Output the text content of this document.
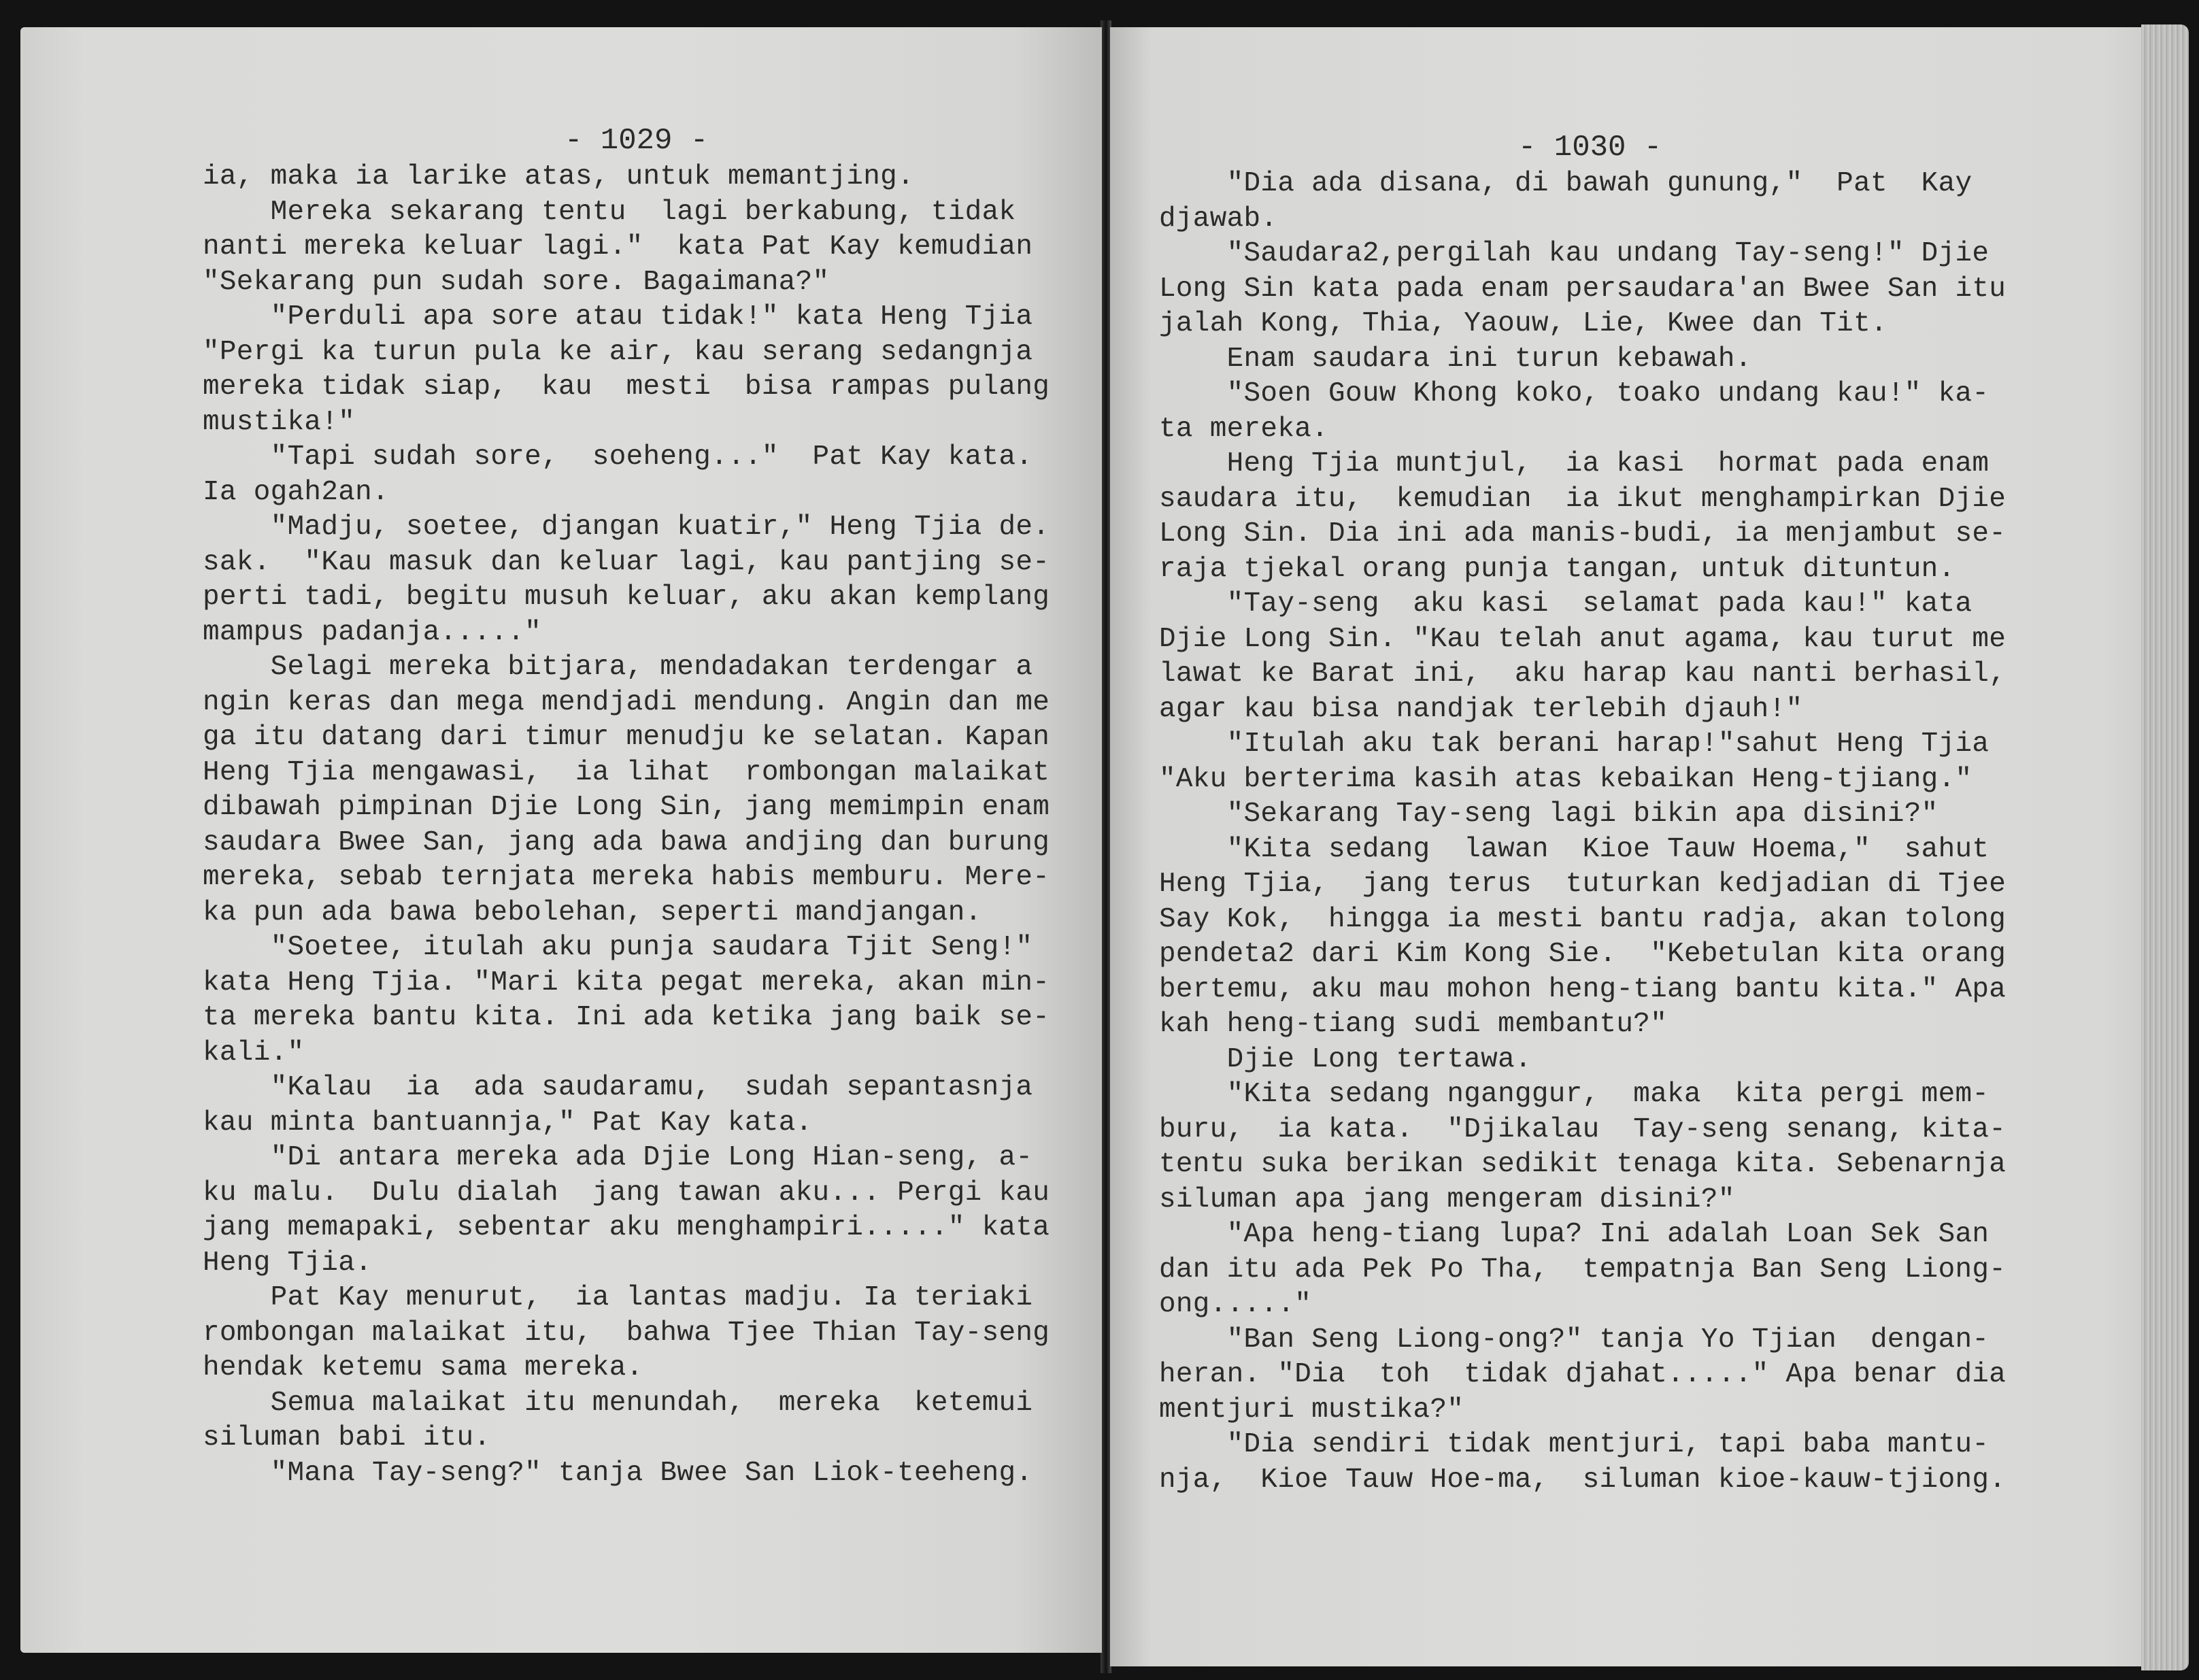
- 1029 -
ia, maka ia larike atas, untuk memantjing.
Mereka sekarang tentu  lagi berkabung, tidak
nanti mereka keluar lagi."  kata Pat Kay kemudian
"Sekarang pun sudah sore. Bagaimana?"
"Perduli apa sore atau tidak!" kata Heng Tjia
"Pergi ka turun pula ke air, kau serang sedangnja
mereka tidak siap,  kau  mesti  bisa rampas pulang
mustika!"
"Tapi sudah sore,  soeheng..."  Pat Kay kata.
Ia ogah2an.
"Madju, soetee, djangan kuatir," Heng Tjia de.
sak.  "Kau masuk dan keluar lagi, kau pantjing se-
perti tadi, begitu musuh keluar, aku akan kemplang
mampus padanja....."
Selagi mereka bitjara, mendadakan terdengar a
ngin keras dan mega mendjadi mendung. Angin dan me
ga itu datang dari timur menudju ke selatan. Kapan
Heng Tjia mengawasi,  ia lihat  rombongan malaikat
dibawah pimpinan Djie Long Sin, jang memimpin enam
saudara Bwee San, jang ada bawa andjing dan burung
mereka, sebab ternjata mereka habis memburu. Mere-
ka pun ada bawa bebolehan, seperti mandjangan.
"Soetee, itulah aku punja saudara Tjit Seng!"
kata Heng Tjia. "Mari kita pegat mereka, akan min-
ta mereka bantu kita. Ini ada ketika jang baik se-
kali."
"Kalau  ia  ada saudaramu,  sudah sepantasnja
kau minta bantuannja," Pat Kay kata.
"Di antara mereka ada Djie Long Hian-seng, a-
ku malu.  Dulu dialah  jang tawan aku... Pergi kau
jang memapaki, sebentar aku menghampiri....." kata
Heng Tjia.
Pat Kay menurut,  ia lantas madju. Ia teriaki
rombongan malaikat itu,  bahwa Tjee Thian Tay-seng
hendak ketemu sama mereka.
Semua malaikat itu menundah,  mereka  ketemui
siluman babi itu.
"Mana Tay-seng?" tanja Bwee San Liok-teeheng.
- 1030 -
"Dia ada disana, di bawah gunung,"  Pat  Kay
djawab.
"Saudara2,pergilah kau undang Tay-seng!" Djie
Long Sin kata pada enam persaudara'an Bwee San itu
jalah Kong, Thia, Yaouw, Lie, Kwee dan Tit.
Enam saudara ini turun kebawah.
"Soen Gouw Khong koko, toako undang kau!" ka-
ta mereka.
Heng Tjia muntjul,  ia kasi  hormat pada enam
saudara itu,  kemudian  ia ikut menghampirkan Djie
Long Sin. Dia ini ada manis-budi, ia menjambut se-
raja tjekal orang punja tangan, untuk dituntun.
"Tay-seng  aku kasi  selamat pada kau!" kata
Djie Long Sin. "Kau telah anut agama, kau turut me
lawat ke Barat ini,  aku harap kau nanti berhasil,
agar kau bisa nandjak terlebih djauh!"
"Itulah aku tak berani harap!"sahut Heng Tjia
"Aku berterima kasih atas kebaikan Heng-tjiang."
"Sekarang Tay-seng lagi bikin apa disini?"
"Kita sedang  lawan  Kioe Tauw Hoema,"  sahut
Heng Tjia,  jang terus  tuturkan kedjadian di Tjee
Say Kok,  hingga ia mesti bantu radja, akan tolong
pendeta2 dari Kim Kong Sie.  "Kebetulan kita orang
bertemu, aku mau mohon heng-tiang bantu kita." Apa
kah heng-tiang sudi membantu?"
Djie Long tertawa.
"Kita sedang nganggur,  maka  kita pergi mem-
buru,  ia kata.  "Djikalau  Tay-seng senang, kita-
tentu suka berikan sedikit tenaga kita. Sebenarnja
siluman apa jang mengeram disini?"
"Apa heng-tiang lupa? Ini adalah Loan Sek San
dan itu ada Pek Po Tha,  tempatnja Ban Seng Liong-
ong....."
"Ban Seng Liong-ong?" tanja Yo Tjian  dengan-
heran. "Dia  toh  tidak djahat....." Apa benar dia
mentjuri mustika?"
"Dia sendiri tidak mentjuri, tapi baba mantu-
nja,  Kioe Tauw Hoe-ma,  siluman kioe-kauw-tjiong.
